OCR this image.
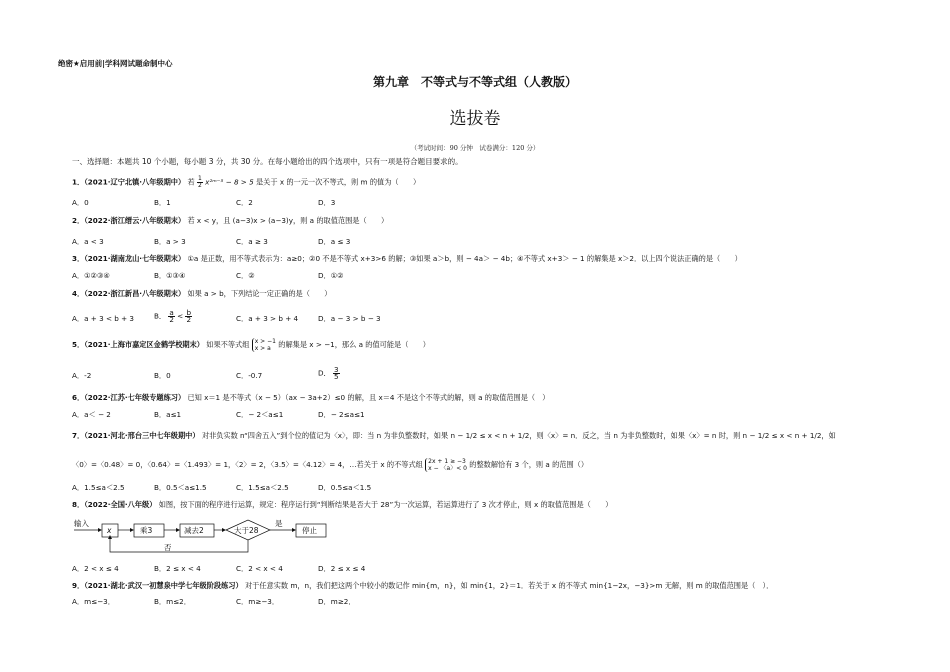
绝密★启用前|学科网试题命制中心
第九章　不等式与不等式组（人教版）
选拔卷
（考试时间：90 分钟　试卷满分：120 分）
一、选择题：本题共 10 个小题，每小题 3 分，共 30 分。在每小题给出的四个选项中，只有一项是符合题目要求的。
1．（2021·辽宁北镇·八年级期中） 若 $\frac{1}{2}$ x²ᵐ⁻⁵ − 8 > 5 是关于 x 的一元一次不等式，则 m 的值为（　　）
A．0	B．1	C．2	D．3
2．（2022·浙江缙云·八年级期末） 若 x < y，且 (a−3)x > (a−3)y，则 a 的取值范围是（　　）
A．a < 3	B．a > 3	C．a ≥ 3	D．a ≤ 3
3．（2021·湖南龙山·七年级期末） ①a 是正数，用不等式表示为：a≥0；②0 不是不等式 x+3>6 的解；③如果 a＞b，则 − 4a＞ − 4b；④不等式 x+3＞ − 1 的解集是 x＞2．以上四个说法正确的是（　　）
A．①②③④	B．①③④	C．②	D．①②
4．（2022·浙江新昌·八年级期末） 如果 a > b，下列结论一定正确的是（　　）
A．a + 3 < b + 3	B． $\frac{a}{2} < \frac{b}{2}$	C．a + 3 > b + 4	D．a − 3 > b − 3
5．（2021·上海市嘉定区金鹤学校期末） 如果不等式组 x > −1
x > a	的解集是 x > −1，那么 a 的值可能是（　　）
A．-2	B．0	C．-0.7	D． $\frac{3}{5}$
6．（2022·江苏·七年级专题练习） 已知 x＝1 是不等式（x − 5）（ax − 3a+2）≤0 的解，且 x＝4 不是这个不等式的解，则 a 的取值范围是（　）
A．a＜ − 2	B．a≤1	C．− 2＜a≤1	D．− 2≤a≤1
7．（2021·河北·邢台三中七年级期中） 对非负实数 n“四舍五入”到个位的值记为〈x〉，即：当 n 为非负整数时，如果 n − 1/2 ≤ x < n + 1/2，则〈x〉= n．反之，当 n 为非负整数时，如果〈x〉= n 时，则 n − 1/2 ≤ x < n + 1/2，如
〈0〉=〈0.48〉= 0，〈0.64〉=〈1.493〉= 1，〈2〉= 2，〈3.5〉=〈4.12〉= 4，…若关于 x 的不等式组 2x + 1 ≥ −3
x − 〈a〉< 0 的整数解恰有 3 个，则 a 的范围（）
A．1.5≤a＜2.5	B．0.5＜a≤1.5	C．1.5≤a＜2.5	D．0.5≤a＜1.5
8．（2022·全国·八年级） 如图，按下面的程序进行运算，规定：程序运行到“判断结果是否大于 28”为一次运算，若运算进行了 3 次才停止，则 x 的取值范围是（　　）
输入
x	乘3	减去2	大于28
是
停止
否
A．2 < x ≤ 4	B．2 ≤ x < 4	C．2 < x < 4	D．2 ≤ x ≤ 4
9．（2021·湖北·武汉一初慧泉中学七年级阶段练习） 对于任意实数 m，n，我们把这两个中较小的数记作 min{m，n}，如 min{1，2}＝1．若关于 x 的不等式 min{1−2x，−3}>m 无解，则 m 的取值范围是（　）．
A．m≤−3．	B．m≤2．	C．m≥−3．	D．m≥2．
